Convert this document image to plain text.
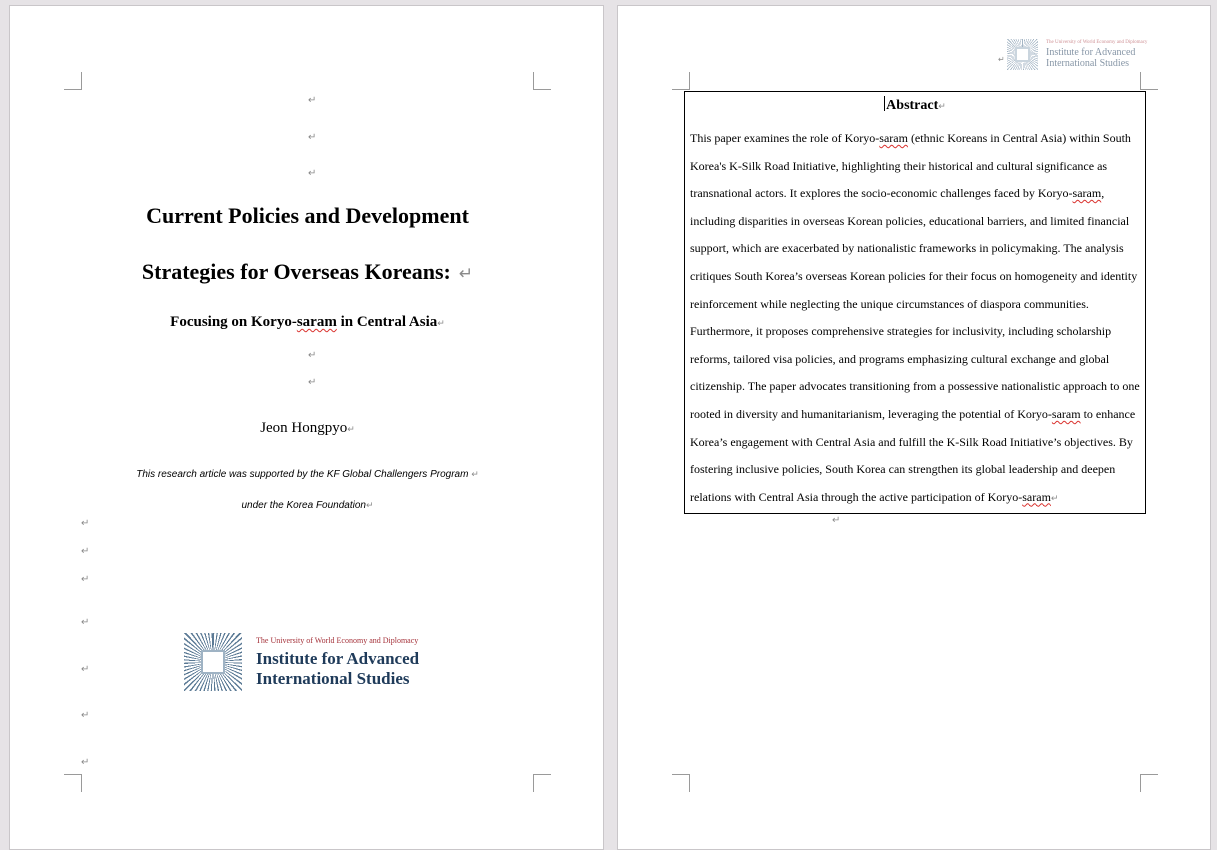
↵
↵
↵
Current Policies and Development
Strategies for Overseas Koreans: ↵
Focusing on Koryo-saram in Central Asia↵
↵
↵
Jeon Hongpyo↵
This research article was supported by the KF Global Challengers Program ↵
under the Korea Foundation↵
↵
↵
↵
↵
↵
↵
↵
The University of World Economy and Diplomacy
Institute for Advanced
International Studies
The University of World Economy and Diplomacy
Institute for Advanced
International Studies
↵
Abstract↵

This paper examines the role of Koryo-saram (ethnic Koreans in Central Asia) within South
Korea's K-Silk Road Initiative, highlighting their historical and cultural significance as
transnational actors. It explores the socio-economic challenges faced by Koryo-saram,
including disparities in overseas Korean policies, educational barriers, and limited financial
support, which are exacerbated by nationalistic frameworks in policymaking. The analysis
critiques South Korea’s overseas Korean policies for their focus on homogeneity and identity
reinforcement while neglecting the unique circumstances of diaspora communities.
Furthermore, it proposes comprehensive strategies for inclusivity, including scholarship
reforms, tailored visa policies, and programs emphasizing cultural exchange and global
citizenship. The paper advocates transitioning from a possessive nationalistic approach to one
rooted in diversity and humanitarianism, leveraging the potential of Koryo-saram to enhance
Korea’s engagement with Central Asia and fulfill the K-Silk Road Initiative’s objectives. By
fostering inclusive policies, South Korea can strengthen its global leadership and deepen
relations with Central Asia through the active participation of Koryo-saram↵

↵
